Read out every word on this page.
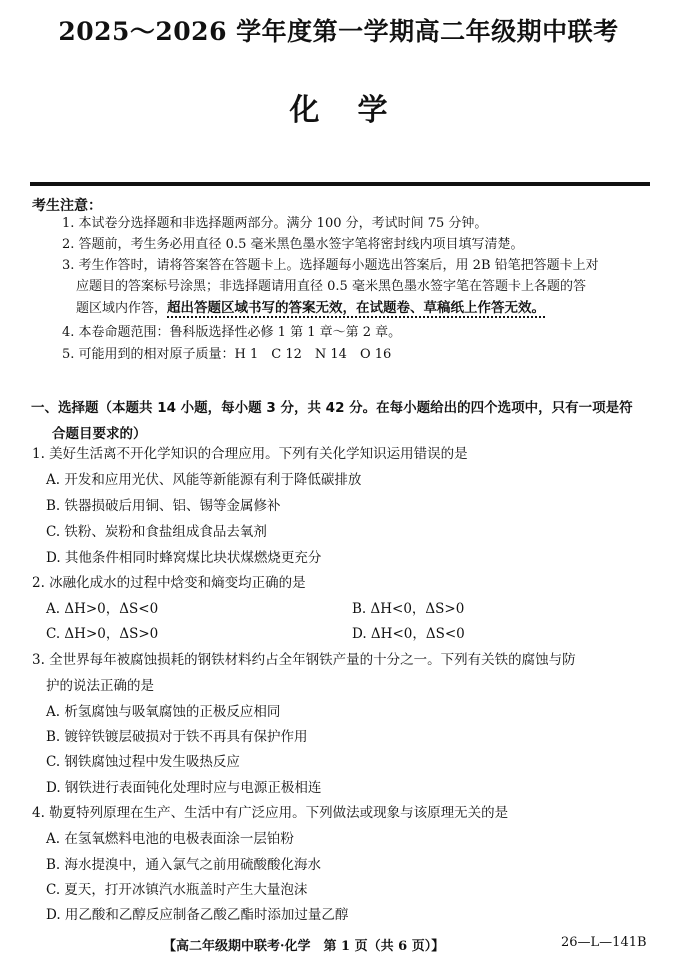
2025～2026 学年度第一学期高二年级期中联考
化学
考生注意：
1. 本试卷分选择题和非选择题两部分。满分 100 分，考试时间 75 分钟。
2. 答题前，考生务必用直径 0.5 毫米黑色墨水签字笔将密封线内项目填写清楚。
3. 考生作答时，请将答案答在答题卡上。选择题每小题选出答案后，用 2B 铅笔把答题卡上对
应题目的答案标号涂黑；非选择题请用直径 0.5 毫米黑色墨水签字笔在答题卡上各题的答
题区域内作答，超出答题区域书写的答案无效，在试题卷、草稿纸上作答无效。
4. 本卷命题范围：鲁科版选择性必修 1 第 1 章～第 2 章。
5. 可能用到的相对原子质量：H 1　C 12　N 14　O 16
一、选择题（本题共 14 小题，每小题 3 分，共 42 分。在每小题给出的四个选项中，只有一项是符
合题目要求的）
1. 美好生活离不开化学知识的合理应用。下列有关化学知识运用错误的是
A. 开发和应用光伏、风能等新能源有利于降低碳排放
B. 铁器损破后用铜、铝、锡等金属修补
C. 铁粉、炭粉和食盐组成食品去氧剂
D. 其他条件相同时蜂窝煤比块状煤燃烧更充分
2. 冰融化成水的过程中焓变和熵变均正确的是
A. ΔH>0，ΔS<0	B. ΔH<0，ΔS>0
C. ΔH>0，ΔS>0	D. ΔH<0，ΔS<0
3. 全世界每年被腐蚀损耗的钢铁材料约占全年钢铁产量的十分之一。下列有关铁的腐蚀与防
护的说法正确的是
A. 析氢腐蚀与吸氧腐蚀的正极反应相同
B. 镀锌铁镀层破损对于铁不再具有保护作用
C. 钢铁腐蚀过程中发生吸热反应
D. 钢铁进行表面钝化处理时应与电源正极相连
4. 勒夏特列原理在生产、生活中有广泛应用。下列做法或现象与该原理无关的是
A. 在氢氧燃料电池的电极表面涂一层铂粉
B. 海水提溴中，通入氯气之前用硫酸酸化海水
C. 夏天，打开冰镇汽水瓶盖时产生大量泡沫
D. 用乙酸和乙醇反应制备乙酸乙酯时添加过量乙醇
【高二年级期中联考·化学　第 1 页（共 6 页）】	26—L—141B
